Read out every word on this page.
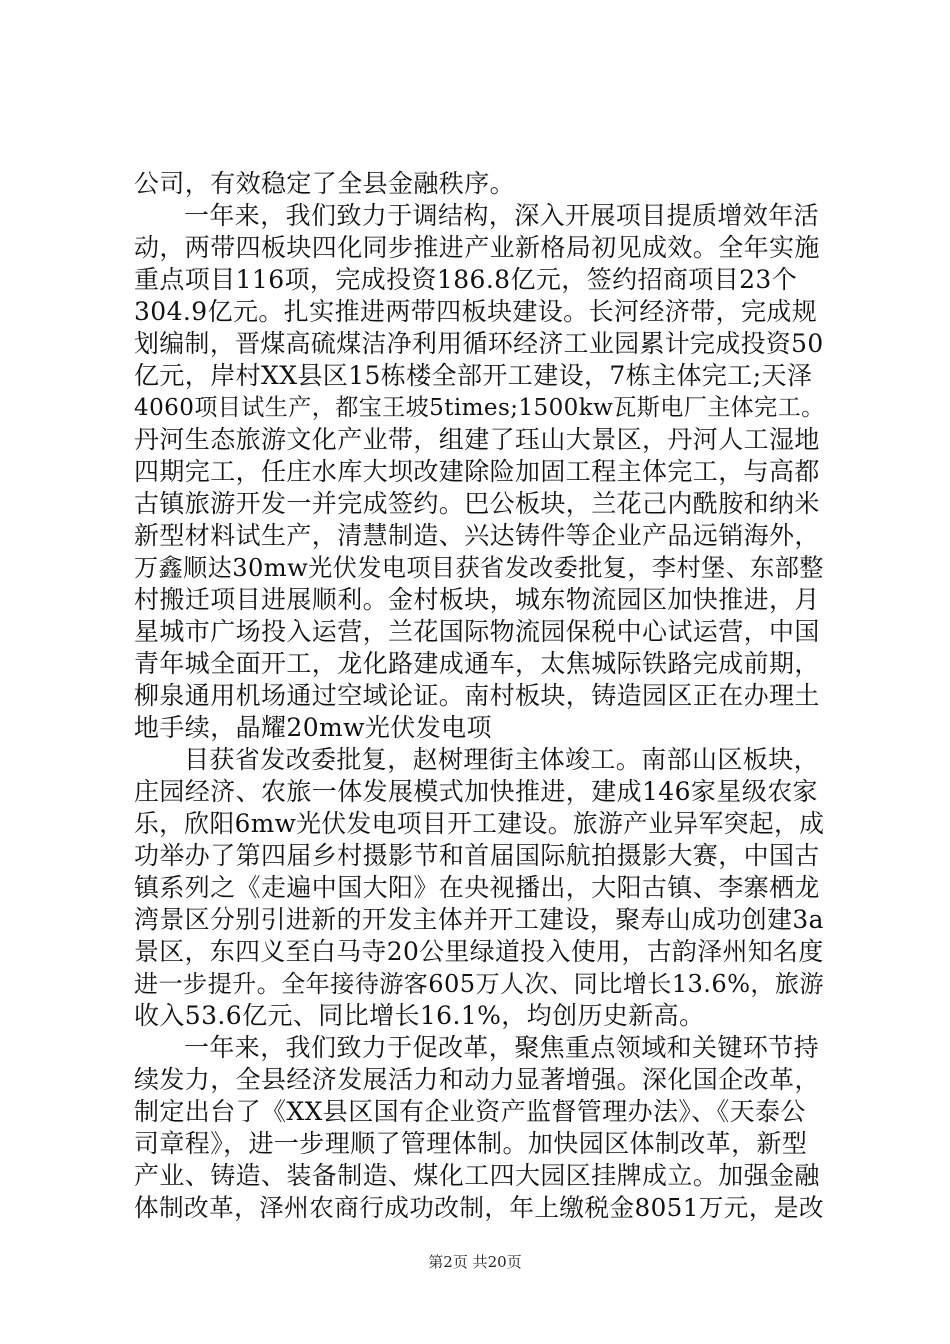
公司，有效稳定了全县金融秩序。
一年来，我们致力于调结构，深入开展项目提质增效年活
动，两带四板块四化同步推进产业新格局初见成效。全年实施
重点项目116项，完成投资186.8亿元，签约招商项目23个
304.9亿元。扎实推进两带四板块建设。长河经济带，完成规
划编制，晋煤高硫煤洁净利用循环经济工业园累计完成投资50
亿元，岸村XX县区15栋楼全部开工建设，7栋主体完工;天泽
4060项目试生产，都宝王坡5times;1500kw瓦斯电厂主体完工。
丹河生态旅游文化产业带，组建了珏山大景区，丹河人工湿地
四期完工，任庄水库大坝改建除险加固工程主体完工，与高都
古镇旅游开发一并完成签约。巴公板块，兰花己内酰胺和纳米
新型材料试生产，清慧制造、兴达铸件等企业产品远销海外，
万鑫顺达30mw光伏发电项目获省发改委批复，李村堡、东部整
村搬迁项目进展顺利。金村板块，城东物流园区加快推进，月
星城市广场投入运营，兰花国际物流园保税中心试运营，中国
青年城全面开工，龙化路建成通车，太焦城际铁路完成前期，
柳泉通用机场通过空域论证。南村板块，铸造园区正在办理土
地手续，晶耀20mw光伏发电项
目获省发改委批复，赵树理街主体竣工。南部山区板块，
庄园经济、农旅一体发展模式加快推进，建成146家星级农家
乐，欣阳6mw光伏发电项目开工建设。旅游产业异军突起，成
功举办了第四届乡村摄影节和首届国际航拍摄影大赛，中国古
镇系列之《走遍中国大阳》在央视播出，大阳古镇、李寨栖龙
湾景区分别引进新的开发主体并开工建设，聚寿山成功创建3a
景区，东四义至白马寺20公里绿道投入使用，古韵泽州知名度
进一步提升。全年接待游客605万人次、同比增长13.6%，旅游
收入53.6亿元、同比增长16.1%，均创历史新高。
一年来，我们致力于促改革，聚焦重点领域和关键环节持
续发力，全县经济发展活力和动力显著增强。深化国企改革，
制定出台了《XX县区国有企业资产监督管理办法》、《天泰公
司章程》，进一步理顺了管理体制。加快园区体制改革，新型
产业、铸造、装备制造、煤化工四大园区挂牌成立。加强金融
体制改革，泽州农商行成功改制，年上缴税金8051万元，是改
第2页 共20页
